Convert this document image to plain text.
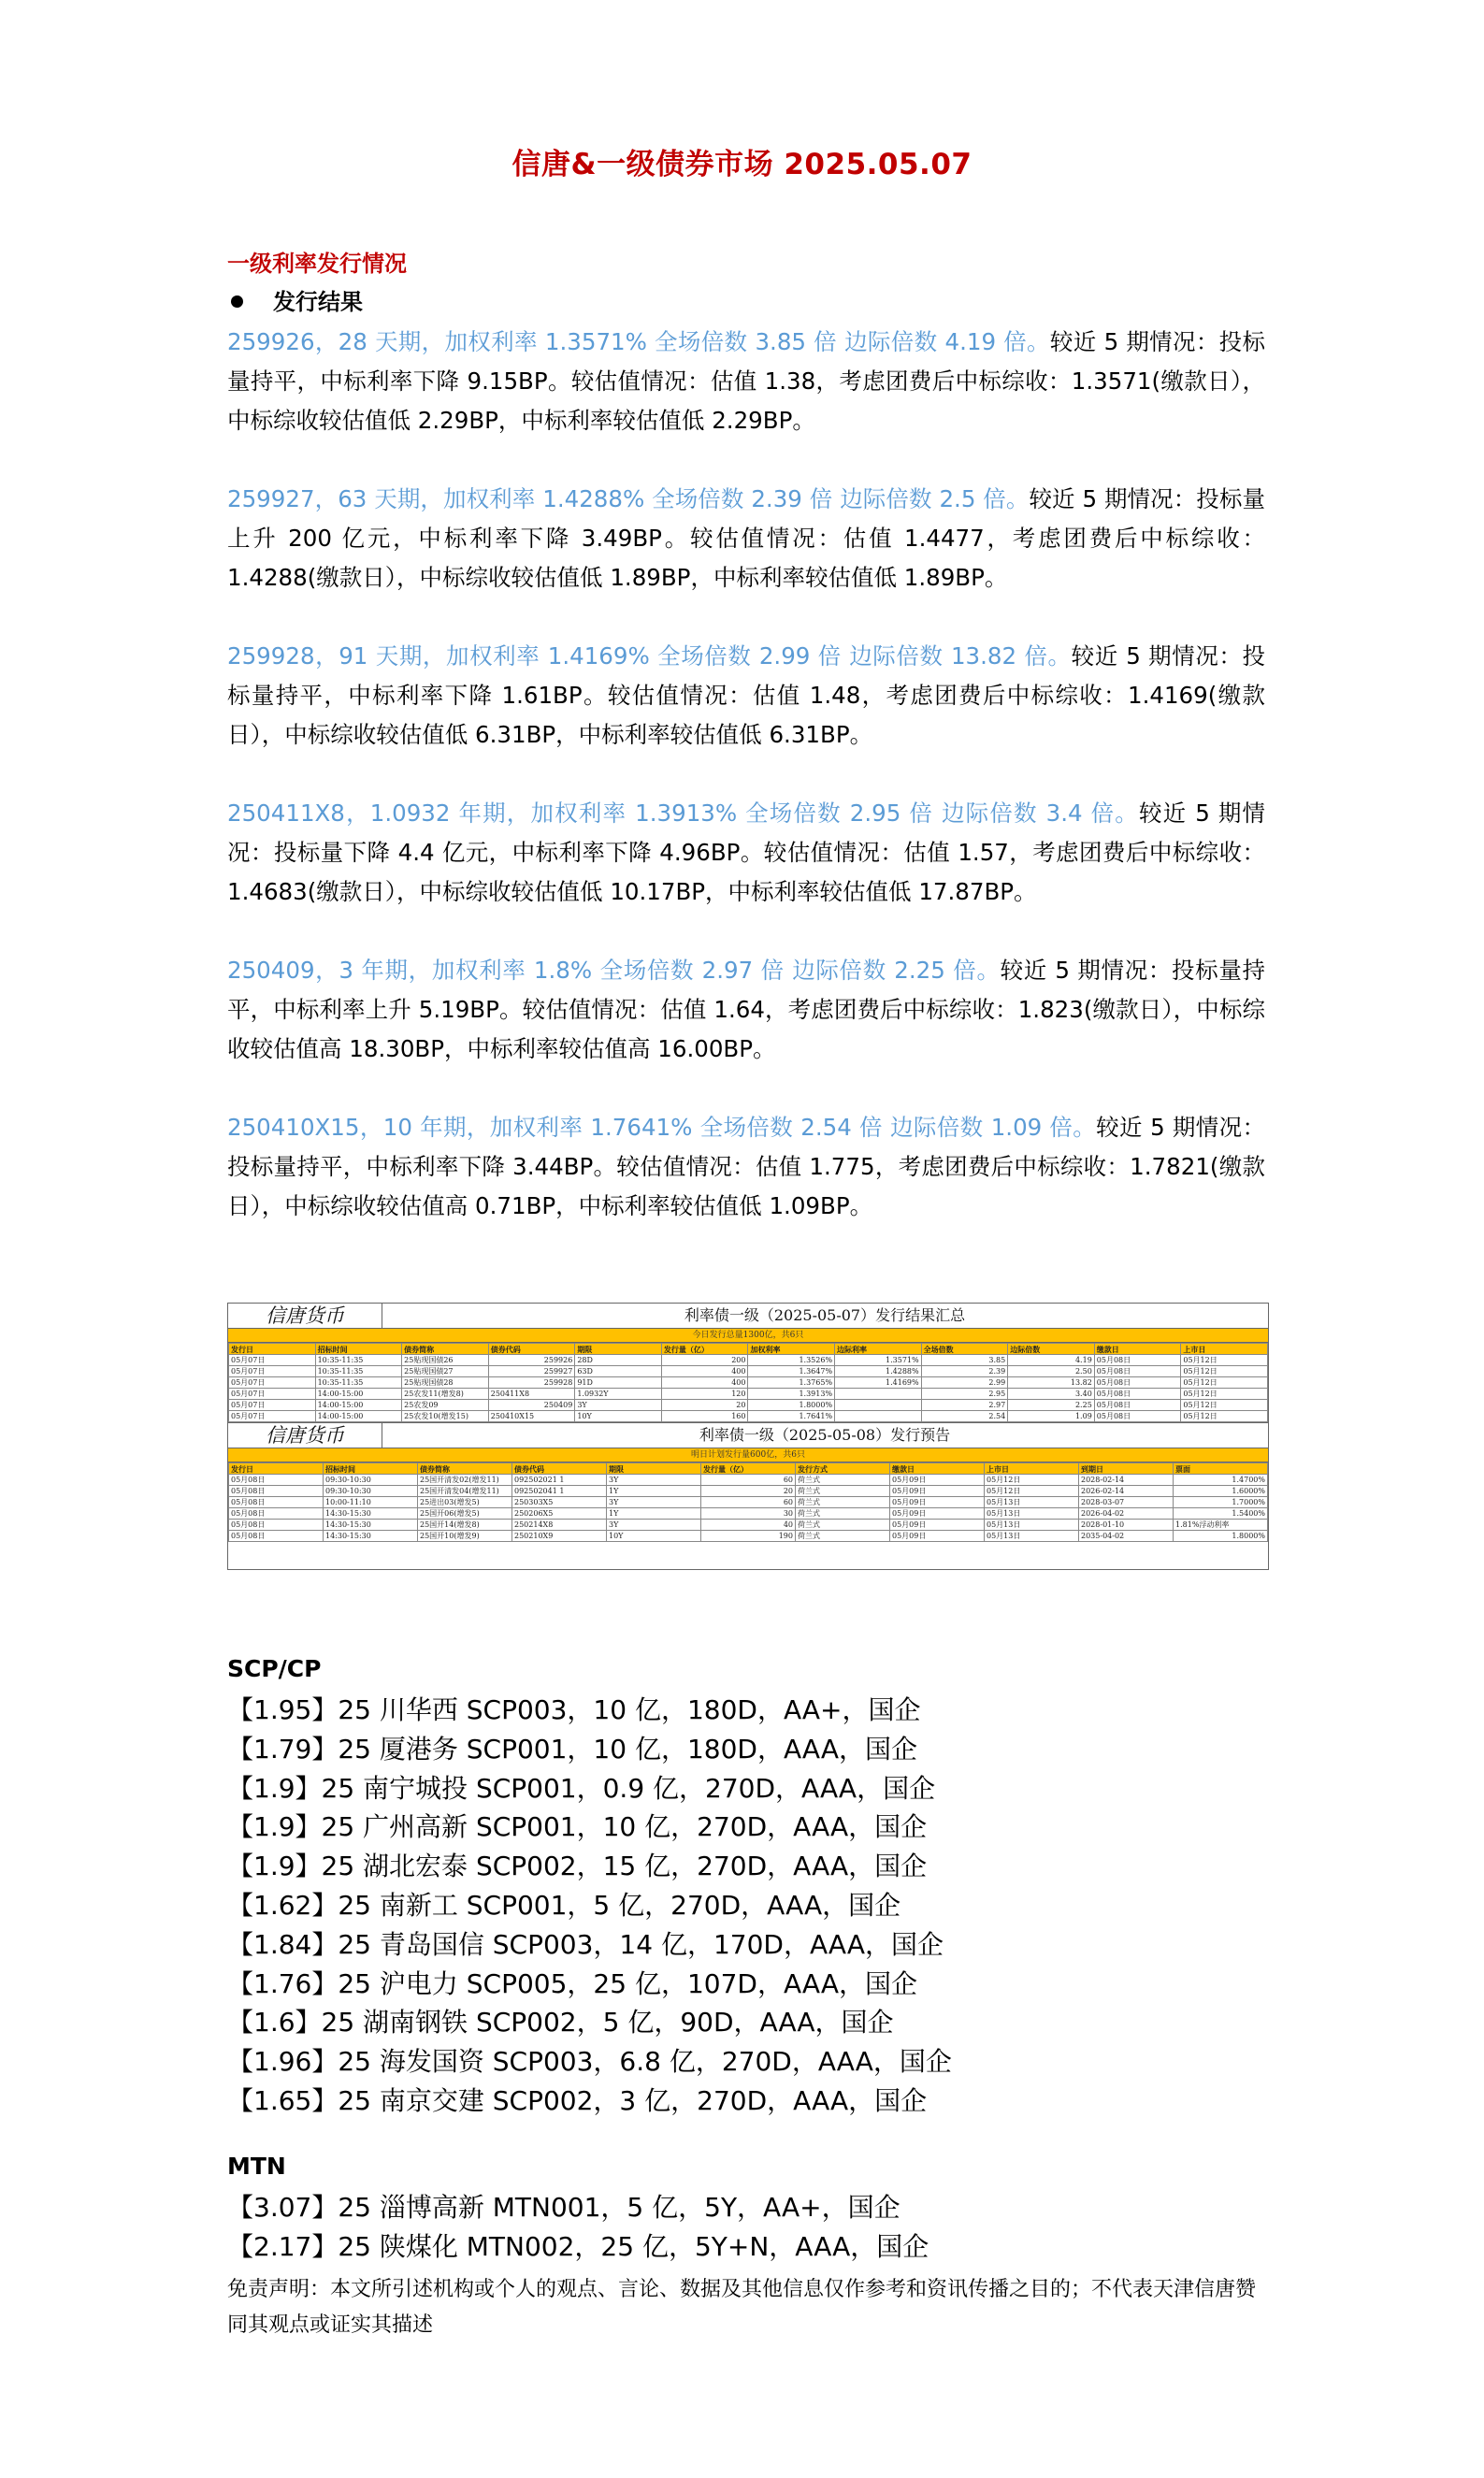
信唐&一级债券市场 2025.05.07
一级利率发行情况
发行结果

259926，28 天期，加权利率 1.3571% 全场倍数 3.85 倍 边际倍数 4.19 倍。较近 5 期情况：投标量持平，中标利率下降 9.15BP。较估值情况：估值 1.38，考虑团费后中标综收：1.3571(缴款日），中标综收较估值低 2.29BP，中标利率较估值低 2.29BP。

259927，63 天期，加权利率 1.4288% 全场倍数 2.39 倍 边际倍数 2.5 倍。较近 5 期情况：投标量上升 200 亿元，中标利率下降 3.49BP。较估值情况：估值 1.4477，考虑团费后中标综收：1.4288(缴款日），中标综收较估值低 1.89BP，中标利率较估值低 1.89BP。

259928，91 天期，加权利率 1.4169% 全场倍数 2.99 倍 边际倍数 13.82 倍。较近 5 期情况：投标量持平，中标利率下降 1.61BP。较估值情况：估值 1.48，考虑团费后中标综收：1.4169(缴款日），中标综收较估值低 6.31BP，中标利率较估值低 6.31BP。

250411X8，1.0932 年期，加权利率 1.3913% 全场倍数 2.95 倍 边际倍数 3.4 倍。较近 5 期情况：投标量下降 4.4 亿元，中标利率下降 4.96BP。较估值情况：估值 1.57，考虑团费后中标综收：1.4683(缴款日），中标综收较估值低 10.17BP，中标利率较估值低 17.87BP。

250409，3 年期，加权利率 1.8% 全场倍数 2.97 倍 边际倍数 2.25 倍。较近 5 期情况：投标量持平，中标利率上升 5.19BP。较估值情况：估值 1.64，考虑团费后中标综收：1.823(缴款日），中标综收较估值高 18.30BP，中标利率较估值高 16.00BP。

250410X15，10 年期，加权利率 1.7641% 全场倍数 2.54 倍 边际倍数 1.09 倍。较近 5 期情况：投标量持平，中标利率下降 3.44BP。较估值情况：估值 1.775，考虑团费后中标综收：1.7821(缴款日），中标综收较估值高 0.71BP，中标利率较估值低 1.09BP。

信唐货币	利率债一级（2025-05-07）发行结果汇总
今日发行总量1300亿，共6只
发行日	招标时间	债券简称	债券代码	期限	发行量（亿）	加权利率	边际利率	全场倍数	边际倍数	缴款日	上市日
05月07日	10:35-11:35	25贴现国债26	259926	28D	200	1.3526%	1.3571%	3.85	4.19	05月08日	05月12日
05月07日	10:35-11:35	25贴现国债27	259927	63D	400	1.3647%	1.4288%	2.39	2.50	05月08日	05月12日
05月07日	10:35-11:35	25贴现国债28	259928	91D	400	1.3765%	1.4169%	2.99	13.82	05月08日	05月12日
05月07日	14:00-15:00	25农发11(增发8)	250411X8	1.0932Y	120	1.3913%		2.95	3.40	05月08日	05月12日
05月07日	14:00-15:00	25农发09	250409	3Y	20	1.8000%		2.97	2.25	05月08日	05月12日
05月07日	14:00-15:00	25农发10(增发15)	250410X15	10Y	160	1.7641%		2.54	1.09	05月08日	05月12日
信唐货币	利率债一级（2025-05-08）发行预告
明日计划发行量600亿，共6只
发行日	招标时间	债券简称	债券代码	期限	发行量（亿）	发行方式	缴款日	上市日	到期日	票面
05月08日	09:30-10:30	25国开清发02(增发11)	092502021 1	3Y	60	荷兰式	05月09日	05月12日	2028-02-14	1.4700%
05月08日	09:30-10:30	25国开清发04(增发11)	092502041 1	1Y	20	荷兰式	05月09日	05月12日	2026-02-14	1.6000%
05月08日	10:00-11:10	25进出03(增发5)	250303X5	3Y	60	荷兰式	05月09日	05月13日	2028-03-07	1.7000%
05月08日	14:30-15:30	25国开06(增发5)	250206X5	1Y	30	荷兰式	05月09日	05月13日	2026-04-02	1.5400%
05月08日	14:30-15:30	25国开14(增发8)	250214X8	3Y	40	荷兰式	05月09日	05月13日	2028-01-10	1.81%浮动利率
05月08日	14:30-15:30	25国开10(增发9)	250210X9	10Y	190	荷兰式	05月09日	05月13日	2035-04-02	1.8000%
SCP/CP
【1.95】25 川华西 SCP003，10 亿，180D，AA+，国企
【1.79】25 厦港务 SCP001，10 亿，180D，AAA，国企
【1.9】25 南宁城投 SCP001，0.9 亿，270D，AAA，国企
【1.9】25 广州高新 SCP001，10 亿，270D，AAA，国企
【1.9】25 湖北宏泰 SCP002，15 亿，270D，AAA，国企
【1.62】25 南新工 SCP001，5 亿，270D，AAA，国企
【1.84】25 青岛国信 SCP003，14 亿，170D，AAA，国企
【1.76】25 沪电力 SCP005，25 亿，107D，AAA，国企
【1.6】25 湖南钢铁 SCP002，5 亿，90D，AAA，国企
【1.96】25 海发国资 SCP003，6.8 亿，270D，AAA，国企
【1.65】25 南京交建 SCP002，3 亿，270D，AAA，国企
MTN
【3.07】25 淄博高新 MTN001，5 亿，5Y，AA+，国企
【2.17】25 陕煤化 MTN002，25 亿，5Y+N，AAA，国企
免责声明：本文所引述机构或个人的观点、言论、数据及其他信息仅作参考和资讯传播之目的；不代表天津信唐赞同其观点或证实其描述
